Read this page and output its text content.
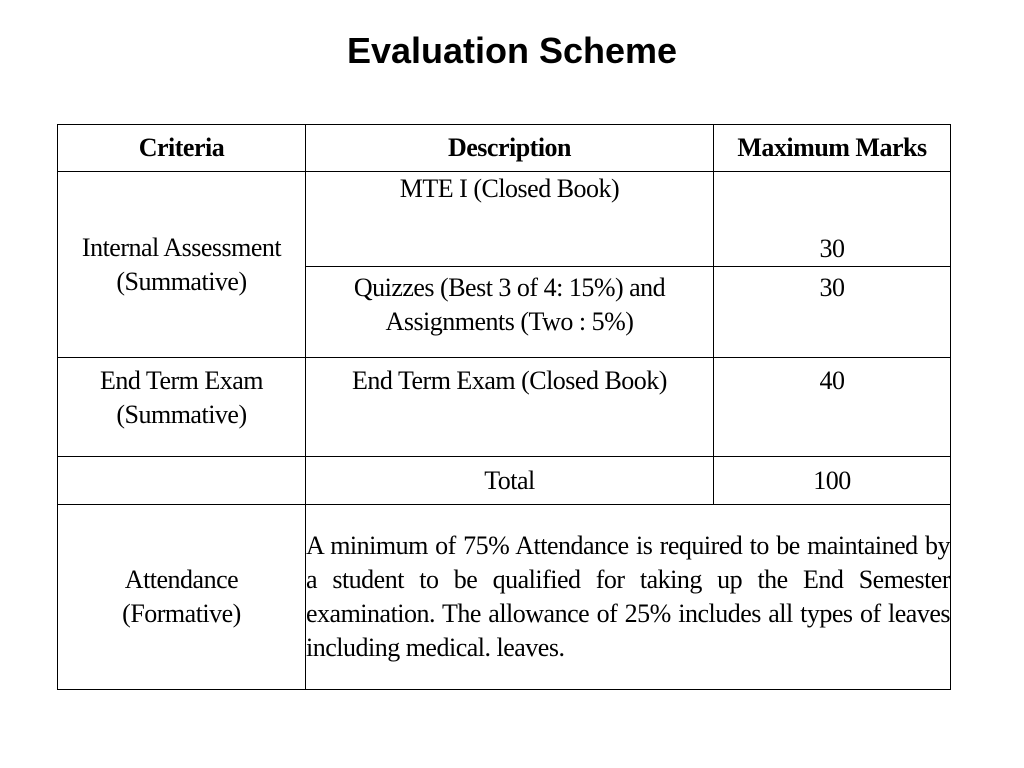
Evaluation Scheme
Criteria	Description	Maximum Marks

Internal Assessment
(Summative)	MTE I (Closed Book)	30

	Quizzes (Best 3 of 4: 15%) and
Assignments (Two : 5%)	30

End Term Exam
(Summative)	End Term Exam (Closed Book)	40
	Total	100

Attendance
(Formative)	A minimum of 75% Attendance is required to be maintained by a student to be qualified for taking up the End Semester examination. The allowance of 25% includes all types of leaves including medical. leaves.	
